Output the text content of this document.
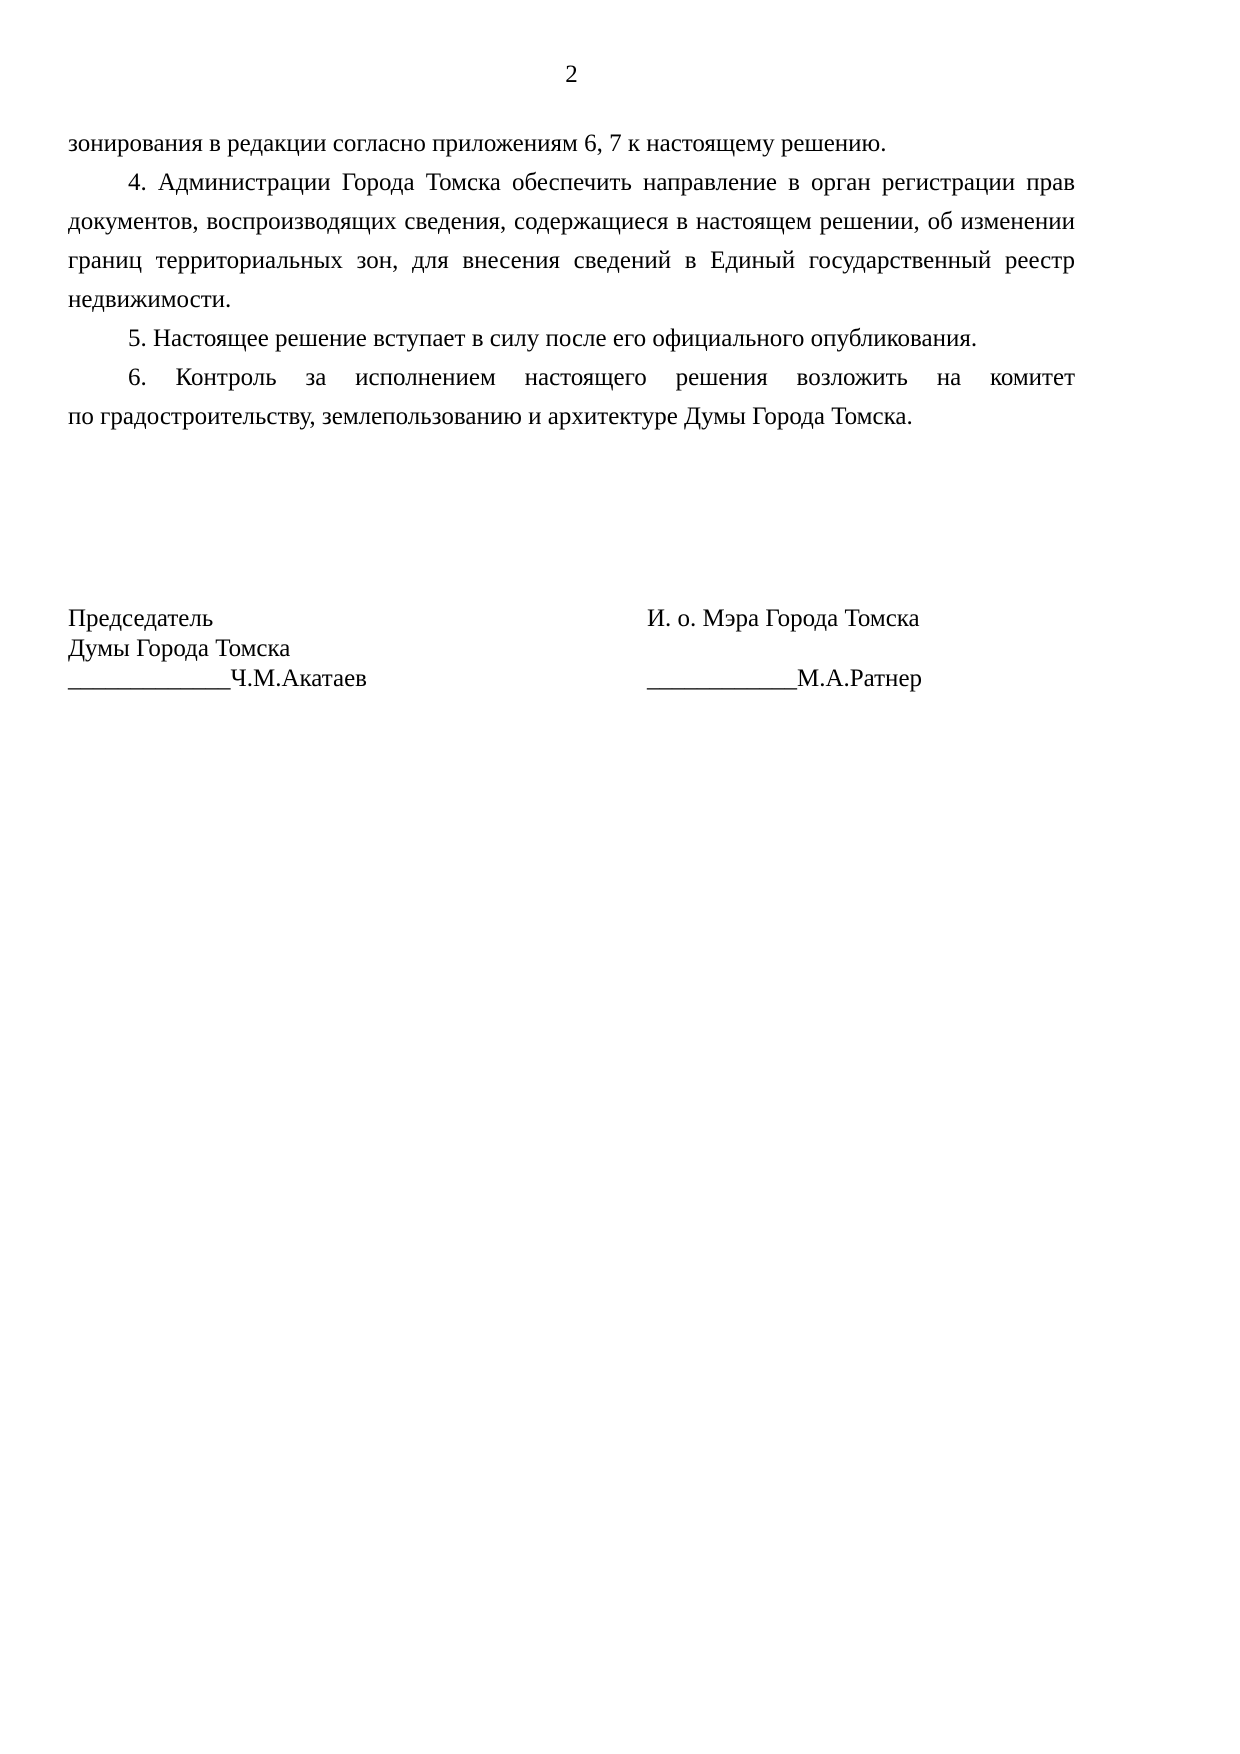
2
зонирования в редакции согласно приложениям 6, 7 к настоящему решению.
4. Администрации Города Томска обеспечить направление в орган регистрации прав
документов, воспроизводящих сведения, содержащиеся в настоящем решении, об изменении
границ территориальных зон, для внесения сведений в Единый государственный реестр
недвижимости.
5. Настоящее решение вступает в силу после его официального опубликования.
6. Контроль за исполнением настоящего решения возложить на комитет
по градостроительству, землепользованию и архитектуре Думы Города Томска.
Председатель
Думы Города Томска
_____________Ч.М.Акатаев
И. о. Мэра Города Томска
____________М.А.Ратнер
